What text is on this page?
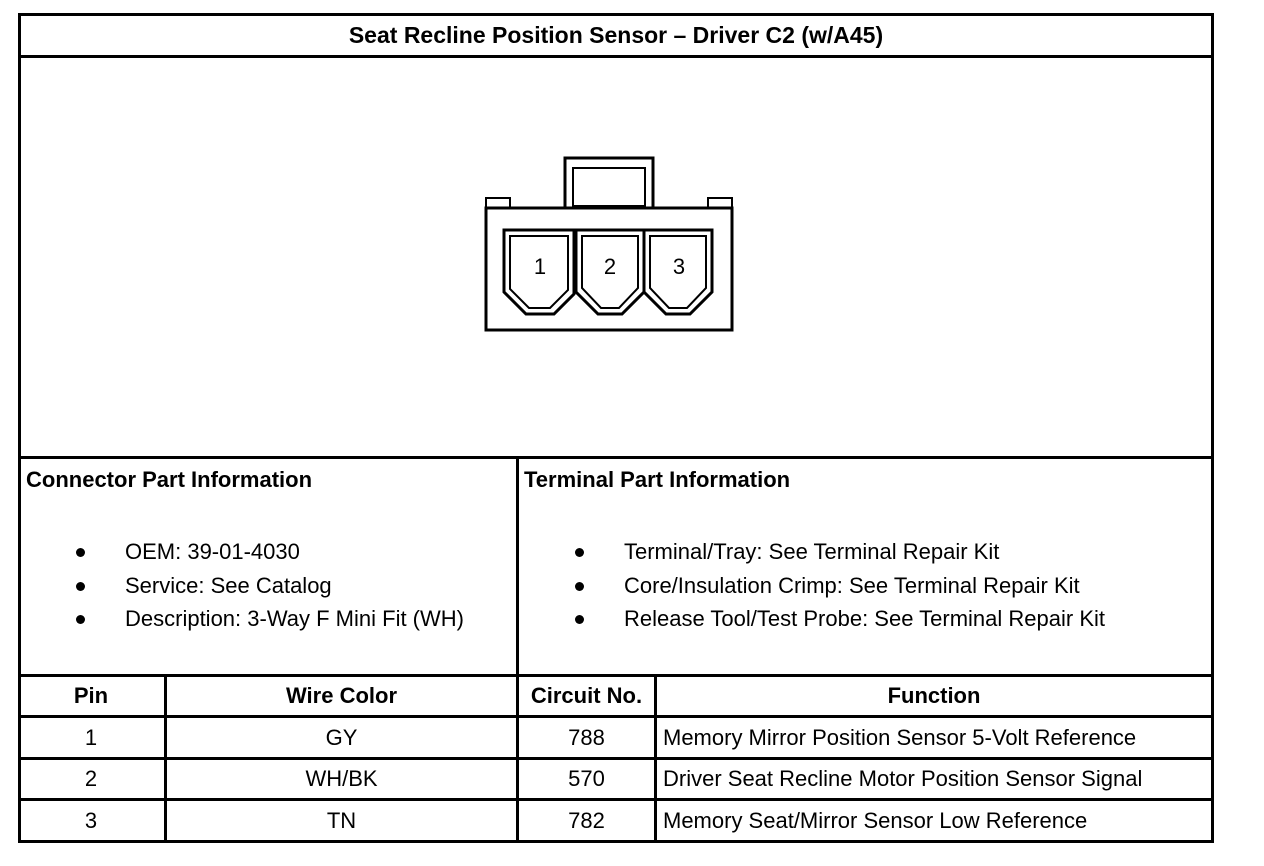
Seat Recline Position Sensor – Driver C2 (w/A45)
1	2	3
Connector Part Information
OEM: 39-01-4030
Service: See Catalog
Description: 3-Way F Mini Fit (WH)
Terminal Part Information
Terminal/Tray: See Terminal Repair Kit
Core/Insulation Crimp: See Terminal Repair Kit
Release Tool/Test Probe: See Terminal Repair Kit
Pin	Wire Color	Circuit No.	Function
1	GY	788	Memory Mirror Position Sensor 5-Volt Reference
2	WH/BK	570	Driver Seat Recline Motor Position Sensor Signal
3	TN	782	Memory Seat/Mirror Sensor Low Reference
